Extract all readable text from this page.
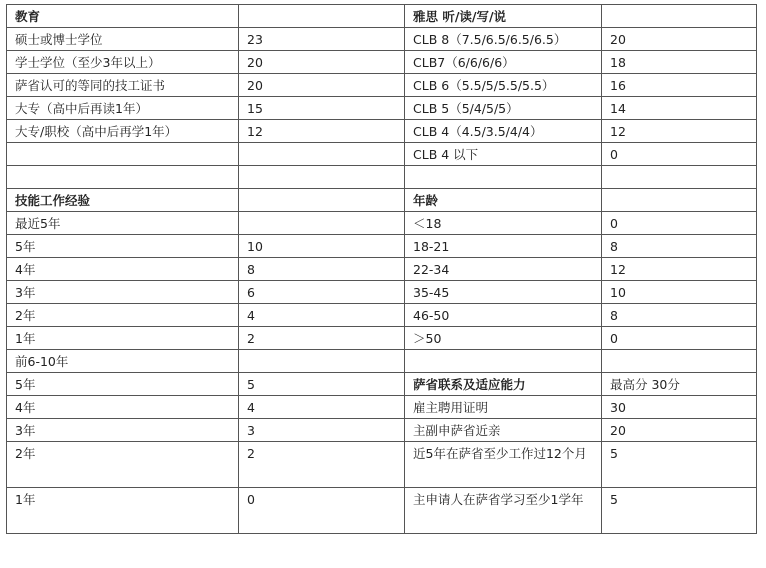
教育		雅思 听/读/写/说	
硕士或博士学位	23	CLB 8（7.5/6.5/6.5/6.5）	20
学士学位（至少3年以上）	20	CLB7（6/6/6/6）	18
萨省认可的等同的技工证书	20	CLB 6（5.5/5/5.5/5.5）	16
大专（高中后再读1年）	15	CLB 5（5/4/5/5）	14
大专/职校（高中后再学1年）	12	CLB 4（4.5/3.5/4/4）	12
		CLB 4 以下	0

技能工作经验		年龄	
最近5年		＜18	0
5年	10	18-21	8
4年	8	22-34	12
3年	6	35-45	10
2年	4	46-50	8
1年	2	＞50	0
前6-10年			
5年	5	萨省联系及适应能力	最高分 30分
4年	4	雇主聘用证明	30
3年	3	主副申萨省近亲	20
2年	2	近5年在萨省至少工作过12个月	5
1年	0	主申请人在萨省学习至少1学年	5
